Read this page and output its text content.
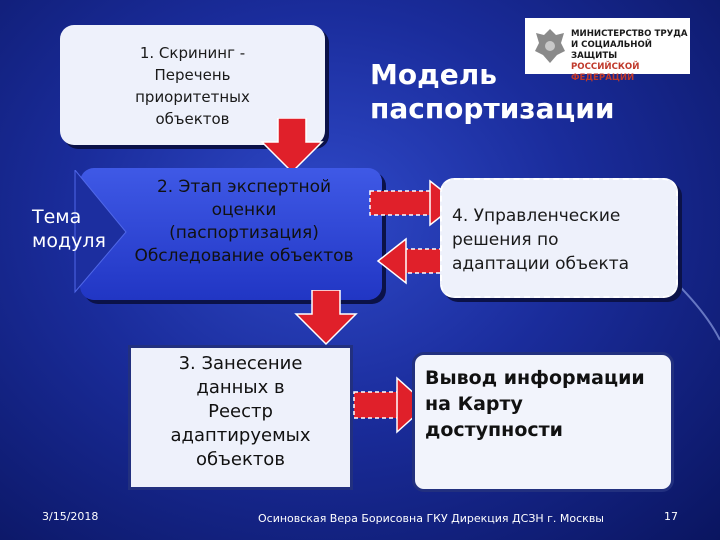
1. Скрининг -
Перечень
приоритетных
объектов
Модель
паспортизации
МИНИСТЕРСТВО ТРУДА
И СОЦИАЛЬНОЙ ЗАЩИТЫ
РОССИЙСКОЙ ФЕДЕРАЦИИ
Тема
модуля
2. Этап экспертной
оценки
(паспортизация)
Обследование объектов
4. Управленческие
решения по
адаптации объекта
3. Занесение
данных в
Реестр
адаптируемых
объектов
Вывод информации
на Карту
доступности
3/15/2018	Осиновская Вера Борисовна ГКУ Дирекция ДСЗН г. Москвы	17
